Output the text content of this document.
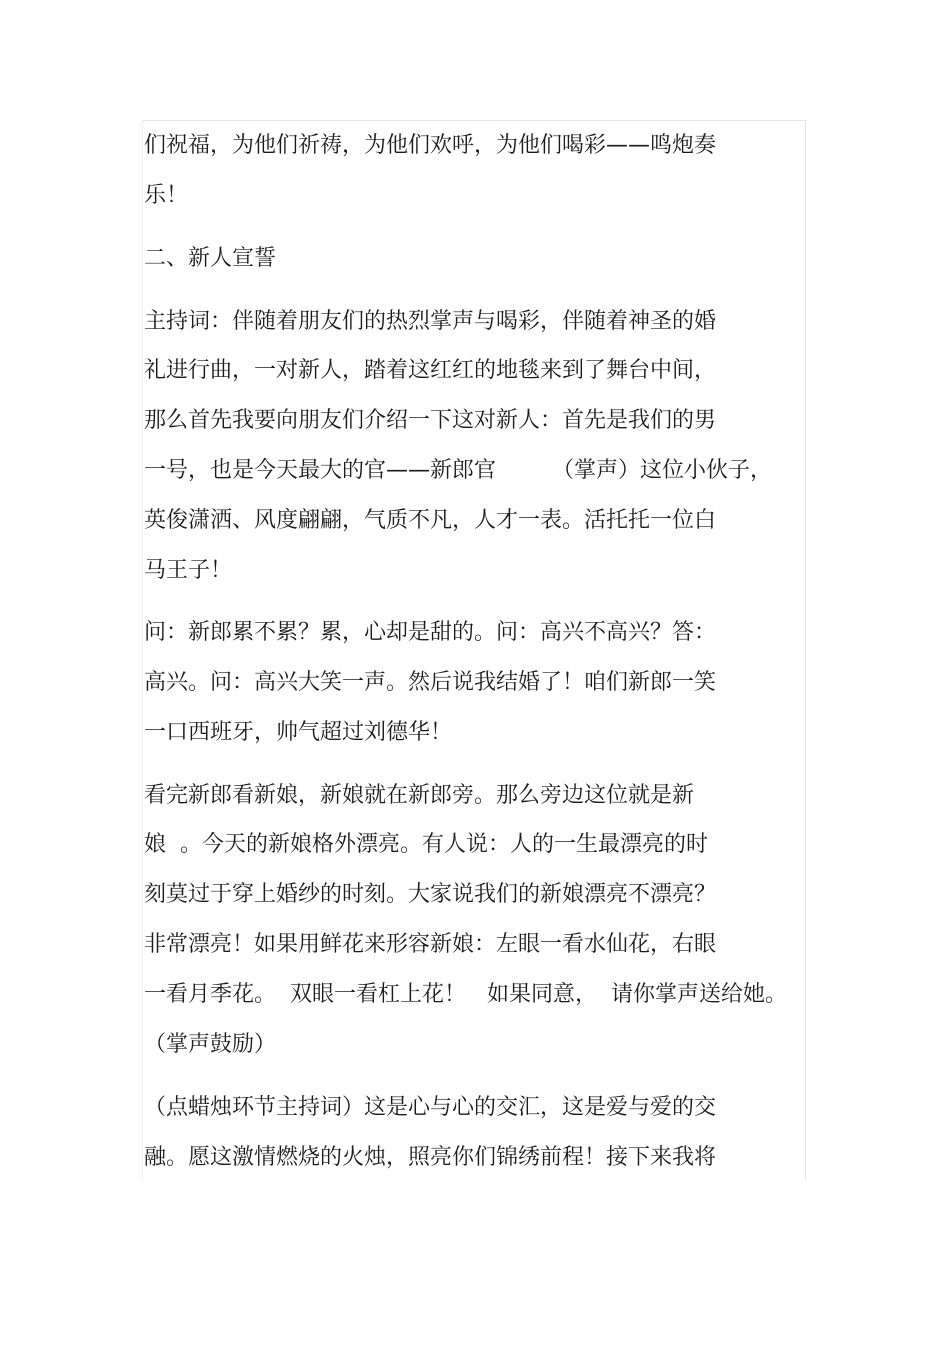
们祝福，为他们祈祷，为他们欢呼，为他们喝彩——鸣炮奏

乐！

二、新人宣誓

主持词：伴随着朋友们的热烈掌声与喝彩，伴随着神圣的婚

礼进行曲，一对新人，踏着这红红的地毯来到了舞台中间，

那么首先我要向朋友们介绍一下这对新人：首先是我们的男

一号，也是今天最大的官——新郎官        （掌声）这位小伙子，

英俊潇洒、风度翩翩，气质不凡，人才一表。活托托一位白

马王子！

问：新郎累不累？累，心却是甜的。问：高兴不高兴？答：

高兴。问：高兴大笑一声。然后说我结婚了！咱们新郎一笑

一口西班牙，帅气超过刘德华！

看完新郎看新娘，新娘就在新郎旁。那么旁边这位就是新

娘  。今天的新娘格外漂亮。有人说：人的一生最漂亮的时

刻莫过于穿上婚纱的时刻。大家说我们的新娘漂亮不漂亮？

非常漂亮！如果用鲜花来形容新娘：左眼一看水仙花，右眼

一看月季花。  双眼一看杠上花！   如果同意，  请你掌声送给她。

（掌声鼓励）

（点蜡烛环节主持词）这是心与心的交汇，这是爱与爱的交

融。愿这激情燃烧的火烛，照亮你们锦绣前程！接下来我将
